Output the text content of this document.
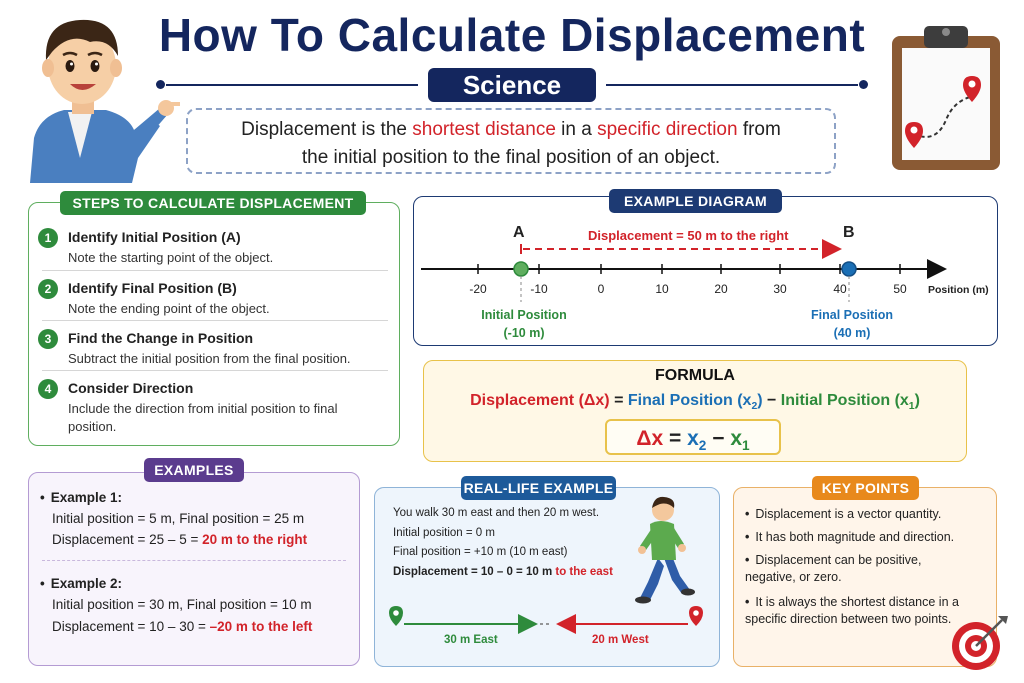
How To Calculate Displacement
Science
Displacement is the shortest distance in a specific direction from
the initial position to the final position of an object.
STEPS TO CALCULATE DISPLACEMENT
1	Identify Initial Position (A)
Note the starting point of the object.
2	Identify Final Position (B)
Note the ending point of the object.
3	Find the Change in Position
Subtract the initial position from the final position.
4	Consider Direction
Include the direction from initial position to final position.
EXAMPLE DIAGRAM
A	B
Displacement = 50 m to the right
Position (m)
-20	-10	0	10	20	30	40	50
Initial Position
(-10 m)
Final Position
(40 m)
FORMULA
Displacement (Δx) = Final Position $(x_2)$ − Initial Position $(x_1)$
$\Delta x = x_2 - x_1$
EXAMPLES
• Example 1:
Initial position = 5 m, Final position = 25 m
Displacement = 25 – 5 = 20 m to the right
• Example 2:
Initial position = 30 m, Final position = 10 m
Displacement = 10 – 30 = –20 m to the left
REAL-LIFE EXAMPLE
You walk 30 m east and then 20 m west.
Initial position = 0 m
Final position = +10 m (10 m east)
Displacement = 10 – 0 = 10 m to the east
30 m East	20 m West
KEY POINTS
• Displacement is a vector quantity.
• It has both magnitude and direction.
• Displacement can be positive, negative, or zero.
• It is always the shortest distance in a specific direction between two points.
